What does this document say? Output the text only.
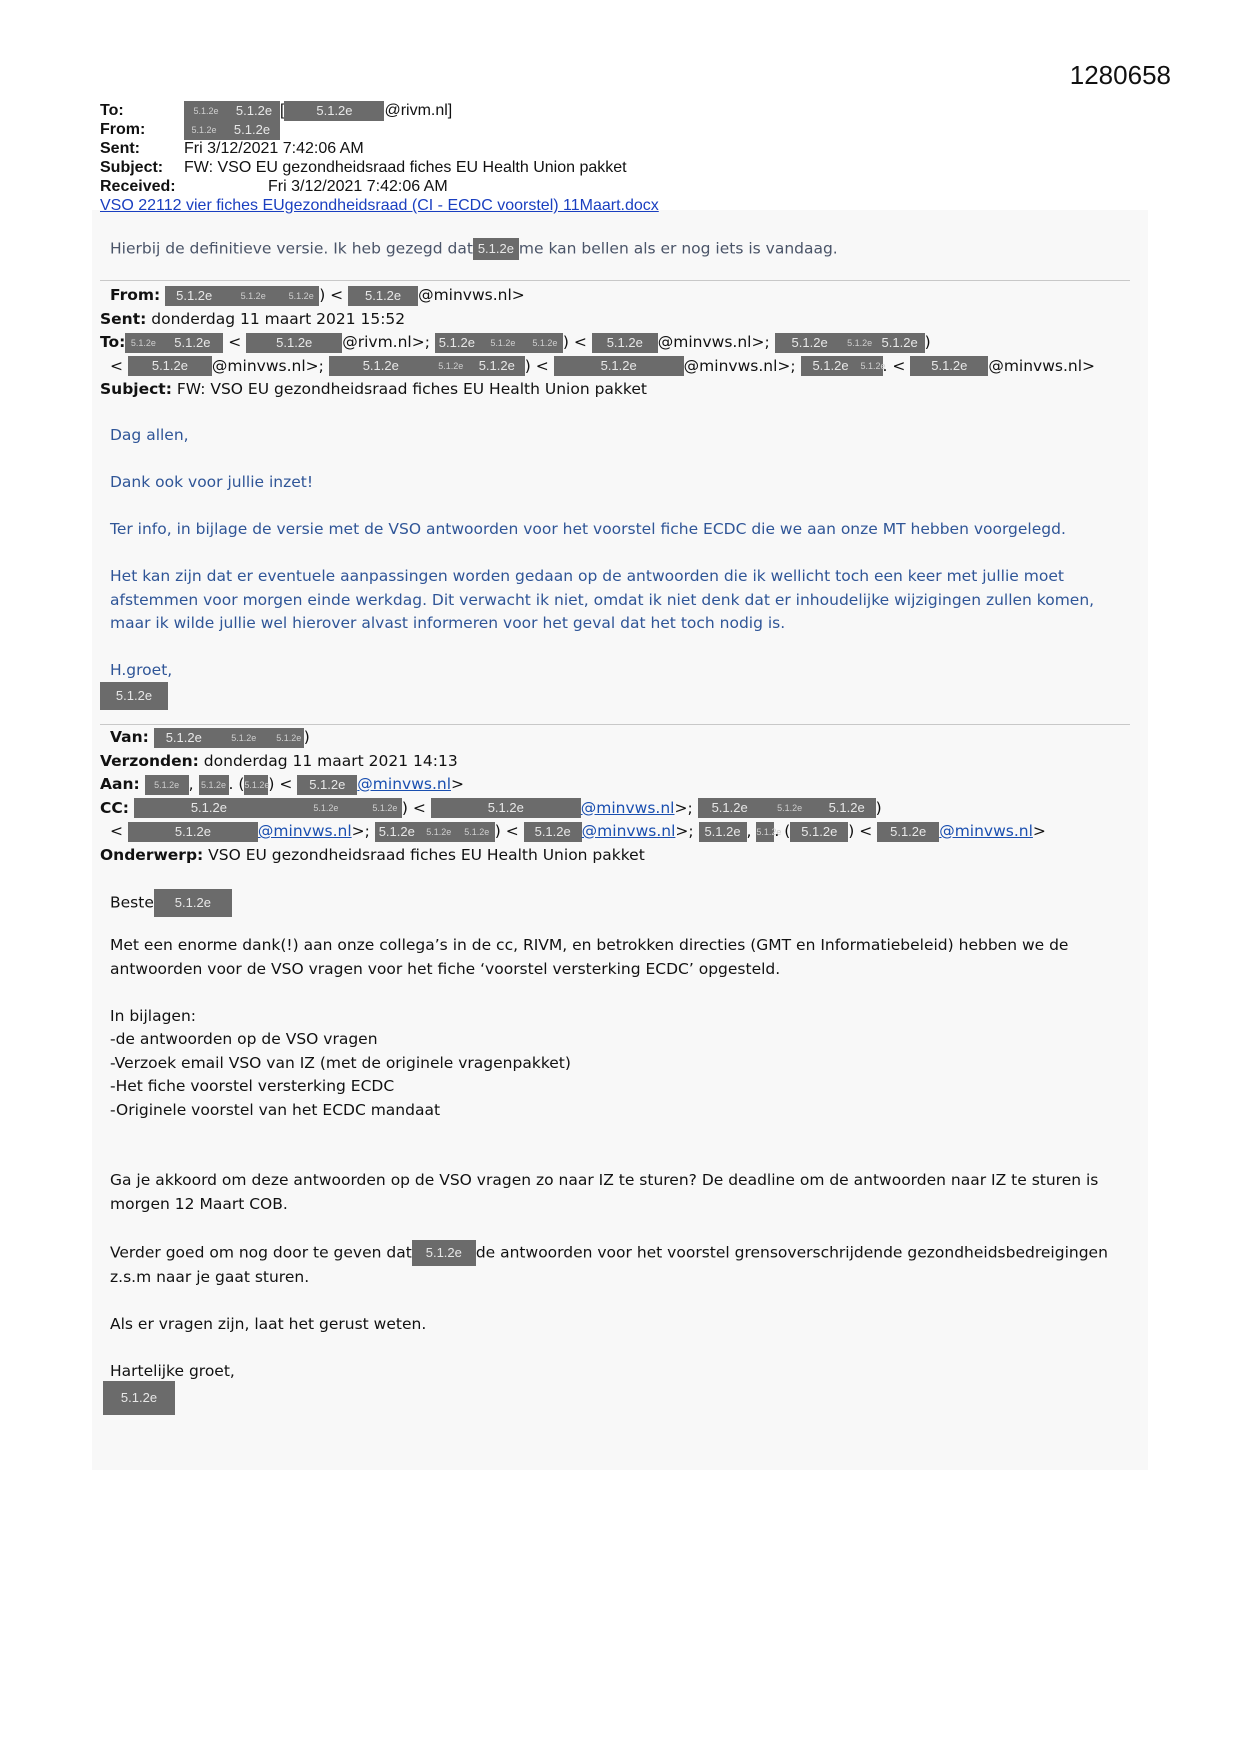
1280658
To:	5.1.2e	5.1.2e [	5.1.2e	@rivm.nl]
From:	5.1.2e	5.1.2e
Sent:	Fri 3/12/2021 7:42:06 AM
Subject:	FW: VSO EU gezondheidsraad fiches EU Health Union pakket
Received:	Fri 3/12/2021 7:42:06 AM
VSO 22112 vier fiches EUgezondheidsraad (CI - ECDC voorstel) 11Maart.docx
Hierbij de definitieve versie. Ik heb gezegd dat 5.1.2e me kan bellen als er nog iets is vandaag.
From: 5.1.2e	5.1.2e	5.1.2e ) < 5.1.2e @minvws.nl>
Sent: donderdag 11 maart 2021 15:52
To: 5.1.2e 5.1.2e < 5.1.2e @rivm.nl>; 5.1.2e 5.1.2e 5.1.2e ) < 5.1.2e @minvws.nl>; 5.1.2e 5.1.2e 5.1.2e )
< 5.1.2e @minvws.nl>;	5.1.2e	5.1.2e 5.1.2e ) <	5.1.2e	@minvws.nl>; 5.1.2e 5.1.2e. < 5.1.2e @minvws.nl>
Subject: FW: VSO EU gezondheidsraad fiches EU Health Union pakket

Dag allen,

Dank ook voor jullie inzet!

Ter info, in bijlage de versie met de VSO antwoorden voor het voorstel fiche ECDC die we aan onze MT hebben voorgelegd.

Het kan zijn dat er eventuele aanpassingen worden gedaan op de antwoorden die ik wellicht toch een keer met jullie moet afstemmen voor morgen einde werkdag. Dit verwacht ik niet, omdat ik niet denk dat er inhoudelijke wijzigingen zullen komen, maar ik wilde jullie wel hierover alvast informeren voor het geval dat het toch nodig is.

H.groet,

5.1.2e
Van: 5.1.2e	5.1.2e 5.1.2e )
Verzonden: donderdag 11 maart 2021 14:13
Aan: 5.1.2e , 5.1.2e . (5.1.2e) < 5.1.2e @minvws.nl>
CC:	5.1.2e	5.1.2e	5.1.2e ) <	5.1.2e	@minvws.nl>; 5.1.2e	5.1.2e 5.1.2e )
<	5.1.2e	@minvws.nl>; 5.1.2e 5.1.2e 5.1.2e ) < 5.1.2e @minvws.nl>; 5.1.2e , 5.1.2e. ( 5.1.2e ) < 5.1.2e @minvws.nl>
Onderwerp: VSO EU gezondheidsraad fiches EU Health Union pakket
Beste 5.1.2e

Met een enorme dank(!) aan onze collega’s in de cc, RIVM, en betrokken directies (GMT en Informatiebeleid) hebben we de antwoorden voor de VSO vragen voor het fiche ‘voorstel versterking ECDC’ opgesteld.

In bijlagen:
-de antwoorden op de VSO vragen
-Verzoek email VSO van IZ (met de originele vragenpakket)
-Het fiche voorstel versterking ECDC
-Originele voorstel van het ECDC mandaat

Ga je akkoord om deze antwoorden op de VSO vragen zo naar IZ te sturen? De deadline om de antwoorden naar IZ te sturen is morgen 12 Maart COB.

Verder goed om nog door te geven dat 5.1.2e de antwoorden voor het voorstel grensoverschrijdende gezondheidsbedreigingen z.s.m naar je gaat sturen.

Als er vragen zijn, laat het gerust weten.

Hartelijke groet,

5.1.2e
